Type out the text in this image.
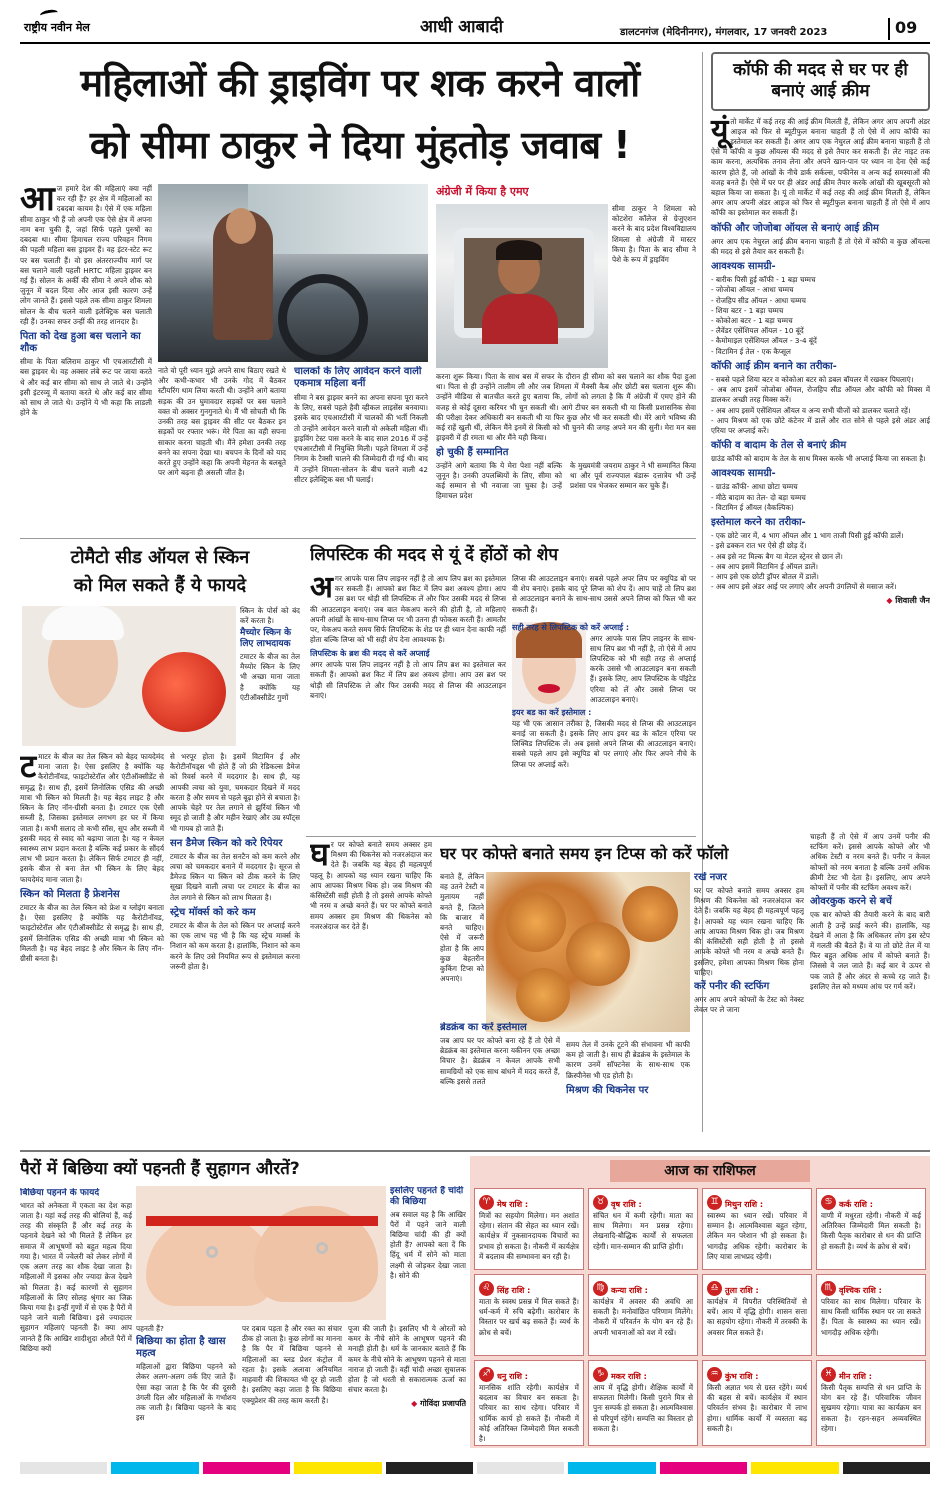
राष्ट्रीय नवीन मेल	आधी आबादी	डालटनगंज (मेदिनीनगर), मंगलवार, 17 जनवरी 2023	09
महिलाओं की ड्राइविंग पर शक करने वालों
को सीमा ठाकुर ने दिया मुंहतोड़ जवाब !
आ ज हमारे देश की महिलाएं क्या नहीं कर रही हैं? हर क्षेत्र में महिलाओं का दबदबा कायम है। ऐसे में एक महिला सीमा ठाकुर भी हैं जो अपनी एक ऐसे क्षेत्र में अपना नाम बना चुकी हैं, जहां सिर्फ पहले पुरुषों का दबदबा था। सीमा हिमाचल राज्य परिवहन निगम की पहली महिला बस ड्राइवर हैं। वह इंटर-स्टेट रूट पर बस चलाती हैं। वो इस अंतरराज्यीय मार्ग पर बस चलाने वाली पहली HRTC महिला ड्राइवर बन गई हैं। सोलन के अर्की की सीमा ने अपने शौक को जुनून में बदल दिया और आज इसी कारण उन्हें लोग जानते हैं। इससे पहले तक सीमा ठाकुर शिमला सोलन के बीच चलने वाली इलेक्ट्रिक बस चलाती रही हैं। उनका सफर उन्हीं की तरह शानदार है।
पिता को देख हुआ बस चलाने का शौक
सीमा के पिता बलिराम ठाकुर भी एचआरटीसी में बस ड्राइवर थे। वह अक्सर लंबे रूट पर जाया करते थे और कई बार सीमा को साथ ले जाते थे। उन्होंने इसी इंटरव्यू में बताया करते थे और कई बार सीमा को साथ ले जाते थे। उन्होंने ये भी कहा कि लाडली होने के
नाते वो पूरी ध्यान मुझे अपने साथ बिठाए रखते थे और कभी-कभार भी उनके गोद में बैठकर स्टीयरिंग थाम लिया करती थी। उन्होंने आगे बताया सड़क की उन घुमावदार सड़कों पर बस चलाने वक्त वो अक्सर गुनगुनाते थे। मैं भी सोचती थी कि उनकी तरह बस ड्राइवर की सीट पर बैठकर इन सड़कों पर रफ्तार भरूं। मेरे पिता का वही सपना साकार करना चाहती थी। मैंने हमेशा उनकी तरह बनने का सपना देखा था। बचपन के दिनों को याद करते हुए उन्होंने कहा कि अपनी मेहनत के बलबूते पर आगे बढ़ना ही असली जीत है।
चालकों के लिए आवेदन करने वाली एकमात्र महिला बनीं
सीमा ने बस ड्राइवर बनने का अपना सपना पूरा करने के लिए, सबसे पहले हैवी व्हीकल लाइसेंस बनवाया। इसके बाद एचआरटीसी में चालकों की भर्ती निकली तो उन्होंने आवेदन करने वाली वो अकेली महिला थीं। ड्राइविंग टेस्ट पास करने के बाद साल 2016 में उन्हें एचआरटीसी में नियुक्ति मिली। पहले शिमला में उन्हें निगम के टैक्सी चालने की जिम्मेदारी दी गई थी। बाद में उन्होंने शिमला-सोलन के बीच चलने वाली 42 सीटर इलेक्ट्रिक बस भी चलाई।
अंग्रेजी में किया है एमए
सीमा ठाकुर ने शिमला को कोटशेरा कॉलेज से ग्रेजुएशन करने के बाद प्रदेश विश्वविद्यालय शिमला से अंग्रेजी में मास्टर किया है। पिता के बाद सीमा ने पेशे के रूप में ड्राइविंग
करना शुरू किया। पिता के साथ बस में सफर के दौरान ही सीमा को बस चलाने का शौक पैदा हुआ था। पिता से ही उन्होंने तालीम ली और जब शिमला में मैक्सी कैब और छोटी बस चलाना शुरू की। उन्होंने मीडिया से बातचीत करते हुए बताया कि, लोगों को लगता है कि मैं अंग्रेजी में एमए होने की वजह से कोई दूसरा करियर भी चुन सकती थी। आगे टीचर बन सकती थी या किसी प्रशासनिक सेवा की परीक्षा देकर अधिकारी बन सकती थी या फिर कुछ और भी कर सकती थी। मेरे आगे भविष्य की कई राहें खुली थीं, लेकिन मैंने इनमें से किसी को भी चुनने की जगह अपने मन की सुनी। मेरा मन बस ड्राइवरी में ही रमता था और मैंने यही किया।
हो चुकी हैं सम्मानित
उन्होंने आगे बताया कि ये मेरा पेशा नहीं बल्कि जुनून है। उनकी उपलब्धियों के लिए, सीमा को कई सम्मान से भी नवाजा जा चुका है। उन्हें हिमाचल प्रदेश
के मुख्यमंत्री जयराम ठाकुर ने भी सम्मानित किया था और पूर्व राज्यपाल बंडारू दत्तात्रेय भी उन्हें प्रशंसा पत्र भेजकर सम्मान कर चुके हैं।
कॉफी की मदद से घर पर ही बनाएं आई क्रीम
यूं तो मार्केट में कई तरह की आई क्रीम मिलती हैं, लेकिन अगर आप अपनी अंडर आइज को फिर से ब्यूटीफुल बनाना चाहती हैं तो ऐसे में आप कॉफी का इस्तेमाल कर सकती हैं। अगर आप एक नेचुरल आई क्रीम बनाना चाहती हैं तो ऐसे में कॉफी व कुछ ऑयल्स की मदद से इसे तैयार कर सकती हैं। लेट नाइट तक काम करना, अत्यधिक तनाव लेना और अपने खान-पान पर ध्यान ना देना ऐसे कई कारण होते हैं, जो आंखों के नीचे डार्क सर्कल्स, पफीनेस व अन्य कई समस्याओं की वजह बनते हैं। ऐसे में घर पर ही अंडर आई क्रीम तैयार करके आंखों की खूबसूरती को बहाल किया जा सकता है। यूं तो मार्केट में कई तरह की आई क्रीम मिलती हैं, लेकिन अगर आप अपनी अंडर आइज को फिर से ब्यूटीफुल बनाना चाहती हैं तो ऐसे में आप कॉफी का इस्तेमाल कर सकती हैं।
कॉफी और जोजोबा ऑयल से बनाएं आई क्रीम
अगर आप एक नेचुरल आई क्रीम बनाना चाहती हैं तो ऐसे में कॉफी व कुछ ऑयल्स की मदद से इसे तैयार कर सकती हैं।
आवश्यक सामग्री-
- बारीक पिसी हुई कॉफी - 1 बड़ा चम्मच
- जोजोबा ऑयल - आधा चम्मच
- रोजहिप सीड ऑयल - आधा चम्मच
- शिया बटर - 1 बड़ा चम्मच
- कोकोआ बटर - 1 बड़ा चम्मच
- लैवेंडर एसेंशियल ऑयल - 10 बूंदें
- कैमोमाइल एसेंशियल ऑयल - 3-4 बूंदें
- विटामिन ई तेल - एक कैप्सूल
कॉफी आई क्रीम बनाने का तरीका-
- सबसे पहले शिया बटर व कोकोआ बटर को डबल बॉयलर में रखकर पिघलाएं।
- अब आप इसमें जोजोबा ऑयल, रोजहिप सीड ऑयल और कॉफी को मिक्स में डालकर अच्छी तरह मिक्स करें।
- अब आप इसमें एसेंशियल ऑयल व अन्य सभी चीजों को डालकर चलाते रहें।
- आप मिश्रण को एक छोटे कंटेनर में डालें और रात सोने से पहले इसे अंडर आई एरिया पर अप्लाई करें।
कॉफी व बादाम के तेल से बनाएं क्रीम
ग्राउंड कॉफी को बादाम के तेल के साथ मिक्स करके भी अप्लाई किया जा सकता है।
आवश्यक सामग्री-
- ग्राउंड कॉफी- आधा छोटा चम्मच
- मीठे बादाम का तेल- दो बड़ा चम्मच
- विटामिन ई ऑयल (वैकल्पिक)
इस्तेमाल करने का तरीका-
- एक छोटे जार में, 4 भाग ऑयल और 1 भाग ताजी पिसी हुई कॉफी डालें।
- इसे ढक्कन रात भर ऐसे ही छोड़ दें।
- अब इसे नट मिल्क बैग या मेटल स्ट्रेनर से छान लें।
- अब आप इसमें विटामिन ई ऑयल डालें।
- आप इसे एक छोटी ड्रॉपर बोतल में डालें।
- अब आप इसे अंडर आई पर लगाएं और अपनी उंगलियों से मसाज करें।
◆ शिवाली जैन
टोमैटो सीड ऑयल से स्किन
को मिल सकते हैं ये फायदे
स्किन के पोर्स को बंद करें करता है।
मैच्योर स्किन के लिए लाभदायक
टमाटर के बीज का तेल मैच्योर स्किन के लिए भी अच्छा माना जाता है क्योंकि यह एंटीऑक्सीडेंट गुणों
ट माटर के बीज का तेल स्किन को बेहद फायदेमंद माना जाता है। ऐसा इसलिए है क्योंकि यह कैरोटीनॉयड, फाइटोस्टेरॉल और एंटीऑक्सीडेंट से समृद्ध है। साथ ही, इसमें लिनोलिक एसिड की अच्छी मात्रा भी स्किन को मिलती है। यह बेहद लाइट है और स्किन के लिए नॉन-ग्रीसी बनता है। टमाटर एक ऐसी सब्जी है, जिसका इस्तेमाल लगभग हर घर में किया जाता है। कभी सलाद तो कभी सॉस, सूप और सब्जी में इसकी मदद से स्वाद को बढ़ाया जाता है। यह न केवल स्वास्थ्य लाभ प्रदान करता है बल्कि कई प्रकार के सौंदर्य लाभ भी प्रदान करता है। लेकिन सिर्फ टमाटर ही नहीं, इसके बीज से बना तेल भी स्किन के लिए बेहद फायदेमंद माना जाता है।
स्किन को मिलता है फ्रेशनेस
टमाटर के बीज का तेल स्किन को फ्रेश व ग्लोइंग बनाता है। ऐसा इसलिए है क्योंकि यह कैरोटीनॉयड, फाइटोस्टेरॉल और एंटीऑक्सीडेंट से समृद्ध है। साथ ही, इसमें लिनोलिक एसिड की अच्छी मात्रा भी स्किन को मिलती है। यह बेहद लाइट है और स्किन के लिए नॉन-ग्रीसी बनता है।
से भरपूर होता है। इसमें विटामिन ई और कैरोटीनॉयड्स भी होते हैं जो फ्री रेडिकल्स डैमेज को रिवर्स करने में मददगार है। साथ ही, यह आपकी त्वचा को युवा, चमकदार दिखने में मदद करता है और समय से पहले बूढ़ा होने से बचाता है। आपके चेहरे पर तेल लगाने से झुर्रियां स्किन भी स्मूद हो जाती है और महीन रेखाएं और उम्र स्पॉट्स भी गायब हो जाते हैं।
सन डैमेज स्किन को करे रिपेयर
टमाटर के बीज का तेल सनटैन को कम करने और त्वचा को चमकदार बनाने में मददगार है। सूरज से डैमेज्ड स्किन या स्किन को ठीक करने के लिए सूखा दिखने वाली त्वचा पर टमाटर के बीज का तेल लगाने से स्किन को लाभ मिलता है।
स्ट्रेच मॉर्क्स को करे कम
टमाटर के बीज के तेल को स्किन पर अप्लाई करने का एक लाभ यह भी है कि यह स्ट्रेच मार्क्स के निशान को कम करता है। हालांकि, निशान को कम करने के लिए उसे नियमित रूप से इस्तेमाल करना जरूरी होता है।
लिपस्टिक की मदद से यूं दें होंठों को शेप
अ गर आपके पास लिप लाइनर नहीं है तो आप लिप ब्रश का इस्तेमाल कर सकती हैं। आपको ब्रश किट में लिप ब्रश अवश्य होगा। आप उस ब्रश पर थोड़ी सी लिपस्टिक लें और फिर उसकी मदद से लिप्स की आउटलाइन बनाएं। जब बात मेकअप करने की होती है, तो महिलाएं अपनी आंखों के साथ-साथ लिप्स पर भी उतना ही फोकस करती हैं। आमतौर पर, मेकअप करते समय सिर्फ लिपस्टिक के शेड पर ही ध्यान देना काफी नहीं होता बल्कि लिप्स को भी सही शेप देना आवश्यक है।
लिपस्टिक के ब्रश की मदद से करें अप्लाई
अगर आपके पास लिप लाइनर नहीं है तो आप लिप ब्रश का इस्तेमाल कर सकती हैं। आपको ब्रश किट में लिप ब्रश अवश्य होगा। आप उस ब्रश पर थोड़ी सी लिपस्टिक ले और फिर उसकी मदद से लिप्स की आउटलाइन बनाएं।
लिप्स की आउटलाइन बनाएं। सबसे पहले अपर लिप पर क्यूपिड बो पर वी शेप बनाएं। इसके बाद पूरे लिप्स को शेप दें। आप चाहें तो लिप ब्रश से आउटलाइन बनाने के साथ-साथ उससे अपने लिप्स को फिल भी कर सकती हैं।
सही तरह से लिपस्टिक को करें अप्लाई :
अगर आपके पास लिप लाइनर के साथ-साथ लिप ब्रश भी नहीं है, तो ऐसे में आप लिपस्टिक को भी सही तरह से अप्लाई करके उससे भी आउटलाइन बना सकती हैं। इसके लिए, आप लिपस्टिक के पॉइंटेड एरिया को लें और उससे लिप्स पर आउटलाइन बनाएं।
इयर बड का करें इस्तेमाल :
यह भी एक आसान तरीका है, जिसकी मदद से लिप्स की आउटलाइन बनाई जा सकती है। इसके लिए आप इयर बड के कॉटन एरिया पर लिक्विड लिपस्टिक लें। अब इससे अपने लिप्स की आउटलाइन बनाएं। सबसे पहले आप इसे क्यूपिड बो पर लगाएं और फिर अपने नीचे के लिप्स पर अप्लाई करें।
घ र पर कोफ्ते बनाते समय अक्सर हम मिश्रण की थिकनेस को नजरअंदाज कर देते हैं। जबकि यह बेहद ही महत्वपूर्ण पहलू है। आपको यह ध्यान रखना चाहिए कि आप आपका मिश्रण थिक हो। जब मिश्रण की कंसिस्टेंसी सही होती है तो इससे आपके कोफ्ते भी नरम व अच्छे बनते हैं। घर पर कोफ्ते बनाते समय अक्सर हम मिश्रण की थिकनेस को नजरअंदाज कर देते हैं।
घर पर कोफ्ते बनाते समय इन टिप्स को करें फॉलो
बनाते हैं, लेकिन वह उतने टेस्टी व मुलायम नहीं बनते हैं, जितने कि बाजार में बनते चाहिए। ऐसे में जरूरी होता है कि आप कुछ बेहतरीन कुकिंग टिप्स को अपनाएं।
ब्रेडक्रंब का करें इस्तेमाल
जब आप घर पर कोफ्ते बना रहे हैं तो ऐसे में ब्रेडक्रंब का इस्तेमाल करना यकीनन एक अच्छा विचार है। ब्रेडक्रंब न केवल आपके सभी सामग्रियों को एक साथ बांधने में मदद करते हैं, बल्कि इससे तलते
समय तेल में उनके टूटने की संभावना भी काफी कम हो जाती है। साथ ही ब्रेडक्रंब के इस्तेमाल के कारण उनमें सॉफ्टनेस के साथ-साथ एक क्रिस्पीनेस भी एड होती है।
मिश्रण की थिकनेस पर
रखें नजर
घर पर कोफ्ते बनाते समय अक्सर हम मिश्रण की थिकनेस को नजरअंदाज कर देते हैं। जबकि यह बेहद ही महत्वपूर्ण पहलू है। आपको यह ध्यान रखना चाहिए कि आप आपका मिश्रण थिक हो। जब मिश्रण की कंसिस्टेंसी सही होती है तो इससे आपके कोफ्ते भी नरम व अच्छे बनते हैं। इसलिए, हमेशा आपका मिश्रण थिक होना चाहिए।
करें पनीर की स्टफिंग
अगर आप अपने कोफ्तों के टेस्ट को नेक्स्ट लेवल पर ले जाना
चाहती हैं तो ऐसे में आप उनमें पनीर की स्टफिंग करें। इससे आपके कोफ्ते और भी अधिक टेस्टी व नरम बनते हैं। पनीर न केवल कोफ्तों को नरम बनाता है बल्कि उनमें अधिक क्रीमी टेस्ट भी देता है। इसलिए, आप अपने कोफ्तों में पनीर की स्टफिंग अवश्य करें।
ओवरकुक करने से बचें
एक बार कोफ्ते की तैयारी करने के बाद बारी आती है उन्हें फ्राई करने की। हालांकि, यह देखने में आता है कि अधिकतर लोग इस स्टेप में गलती की बैठते हैं। वे या तो छोटे तेल में या फिर बहुत अधिक आंच में कोफ्ते बनाते हैं। जिससे वे जल जाते हैं। कई बार वे ऊपर से पक जाते हैं और अंदर से कच्चे रह जाते हैं। इसलिए तेल को मध्यम आंच पर गर्म करें।
पैरों में बिछिया क्यों पहनती हैं सुहागन औरतें?
बिछिया पहनने के फायदे
भारत को अनेकता में एकता का देश कहा जाता है। यहां कई तरह की बोलियां हैं, कई तरह की संस्कृति हैं और कई तरह के पहनावे देखने को भी मिलते हैं लेकिन हर समाज में आभूषणों को बहुत महत्व दिया गया है। भारत में ज्वेलरी को लेकर लोगों में एक अलग तरह का शौक देखा जाता है। महिलाओं में इसका और ज्यादा क्रेज देखने को मिलता है। कई कारणों से सुहागन महिलाओं के लिए सोलह श्रृंगार का जिक्र किया गया है। इन्हीं गुणों में से एक है पैरों में पहने जाने वाली बिछिया। इसे ज्यादातर सुहागन महिलाएं पहनती हैं। क्या आप जानते हैं कि आखिर शादीशुदा औरतें पैरों में बिछिया क्यों
इसलिए पहनते हैं चांदी की बिछिया
अब सवाल यह है कि आखिर पैरों में पहने जाने वाली बिछिया चांदी की ही क्यों होती हैं? आपको बता दें कि हिंदू धर्म में सोने को माता लक्ष्मी से जोड़कर देखा जाता है। सोने की
पहनती हैं?
बिछिया का होता है खास महत्व
महिलाओं द्वारा बिछिया पहनने को लेकर अलग-अलग तर्क दिए जाते हैं। ऐसा कहा जाता है कि पैर की दूसरी उंगली दिल और महिलाओं के गर्भाशय तक जाती है। बिछिया पहनने के बाद इस
पर दबाव पड़ता है और रक्त का संचार ठीक हो जाता है। कुछ लोगों का मानना है कि पैर में बिछिया पहनने से महिलाओं का ब्लड प्रेशर कंट्रोल में रहता है। इसके अलावा अनियमित माहवारी की शिकायत भी दूर हो जाती है। इसलिए कहा जाता है कि बिछिया एक्यूप्रेशर की तरह काम करती है।
पूजा की जाती है। इसलिए भी ये ओरतों को कमर के नीचे सोने के आभूषण पहनने की मनाही होती है। धर्म के जानकार बताते हैं कि कमर के नीचे सोने के आभूषण पहनने से माता नाराज हो जाती हैं। वहीं चांदी अच्छा सुचालक होता है जो धरती से सकारात्मक ऊर्जा का संचार करता है।
◆ गोविंदा प्रजापति
आज का राशिफल
♈ मेष राशि :
मित्रों का सहयोग मिलेगा। मन अशांत रहेगा। संतान की सेहत का ध्यान रखें। कार्यक्षेत्र में नुकसानदायक विचारों का प्रभाव हो सकता है। नौकरी में कार्यक्षेत्र में बदलाव की सम्भावना बन रही है।
♉ वृष राशि :
संचित धन में कमी रहेगी। माता का साथ मिलेगा। मन प्रसन्न रहेगा। लेखनादि-बौद्धिक कार्यों से सफलता रहेगी। मान-सम्मान की प्राप्ति होगी।
♊ मिथुन राशि :
स्वास्थ्य का ध्यान रखें। परिवार में सम्मान है। आत्मविश्वास बहुत रहेगा, लेकिन मन परेशान भी हो सकता है। भागदौड़ अधिक रहेगी। कारोबार के लिए यात्रा लाभप्रद रहेगी।
♋ कर्क राशि :
वाणी में मधुरता रहेगी। नौकरी में कई अतिरिक्त जिम्मेदारी मिल सकती है। किसी पैतृक कारोबार से धन की प्राप्ति हो सकती है। व्यर्थ के क्रोध से बचें।
♌ सिंह राशि :
माता के स्वस्थ प्रसन्न में मिल सकते हैं। धर्म-कर्म में रुचि बढ़ेगी। कारोबार के विस्तार पर खर्च बढ़ सकते हैं। व्यर्थ के क्रोध से बचें।
♍ कन्या राशि :
कार्यक्षेत्र में अवसर की अवधि आ सकती है। मनोवांछित परिणाम मिलेंगे। नौकरी में परिवर्तन के योग बन रहे हैं। अपनी भावनाओं को वश में रखें।
♎ तुला राशि :
कार्यक्षेत्र में विपरीत परिस्थितियों से बचें। आय में वृद्धि होगी। शासन सत्ता का सहयोग रहेगा। नौकरी में तरक्की के अवसर मिल सकते हैं।
♏ वृश्चिक राशि :
परिवार का साथ मिलेगा। परिवार के साथ किसी धार्मिक स्थान पर जा सकते हैं। पिता के स्वास्थ्य का ध्यान रखें। भागदौड़ अधिक रहेगी।
♐ धनु राशि :
मानसिक शांति रहेगी। कार्यक्षेत्र में बदलाव का विचार बन सकता है। परिवार का साथ रहेगा। परिवार में धार्मिक कार्य हो सकते हैं। नौकरी में कोई अतिरिक्त जिम्मेदारी मिल सकती है।
♑ मकर राशि :
आय में वृद्धि होगी। शैक्षिक कार्यों में सफलता मिलेगी। किसी पुराने मित्र से पुनः सम्पर्क हो सकता है। आत्मविश्वास से परिपूर्ण रहेंगे। सम्पत्ति का विस्तार हो सकता है।
♒ कुंभ राशि :
किसी अज्ञात भय से ग्रस्त रहेंगे। व्यर्थ की बहस से बचें। कार्यक्षेत्र में स्थान परिवर्तन संभव है। कारोबार में लाभ होगा। धार्मिक कार्यों में व्यस्तता बढ़ सकती है।
♓ मीन राशि :
किसी पैतृक सम्पत्ति से धन प्राप्ति के योग बन रहे हैं। परिवारिक जीवन सुखमय रहेगा। यात्रा का कार्यक्रम बन सकता है। रहन-सहन अव्यवस्थित रहेगा।
